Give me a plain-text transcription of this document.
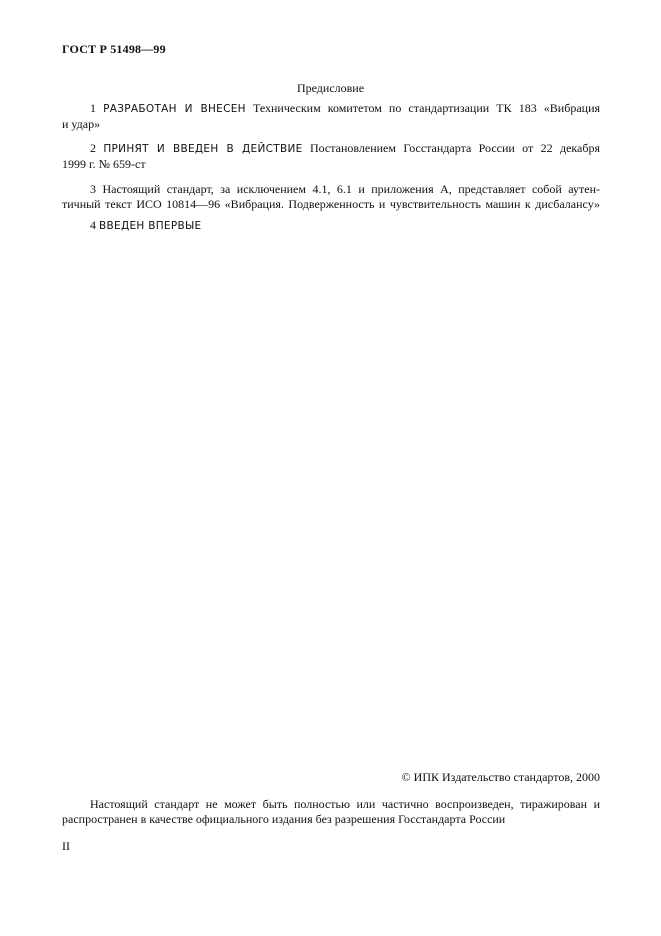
ГОСТ Р 51498—99
Предисловие
1 РАЗРАБОТАН И ВНЕСЕН Техническим комитетом по стандартизации ТК 183 «Вибрация
и удар»
2 ПРИНЯТ И ВВЕДЕН В ДЕЙСТВИЕ Постановлением Госстандарта России от 22 декабря
1999 г. № 659-ст
3 Настоящий стандарт, за исключением 4.1, 6.1 и приложения А, представляет собой аутен-
тичный текст ИСО 10814—96 «Вибрация. Подверженность и чувствительность машин к дисбалансу»
4 ВВЕДЕН ВПЕРВЫЕ
© ИПК Издательство стандартов, 2000
Настоящий стандарт не может быть полностью или частично воспроизведен, тиражирован и
распространен в качестве официального издания без разрешения Госстандарта России
II
